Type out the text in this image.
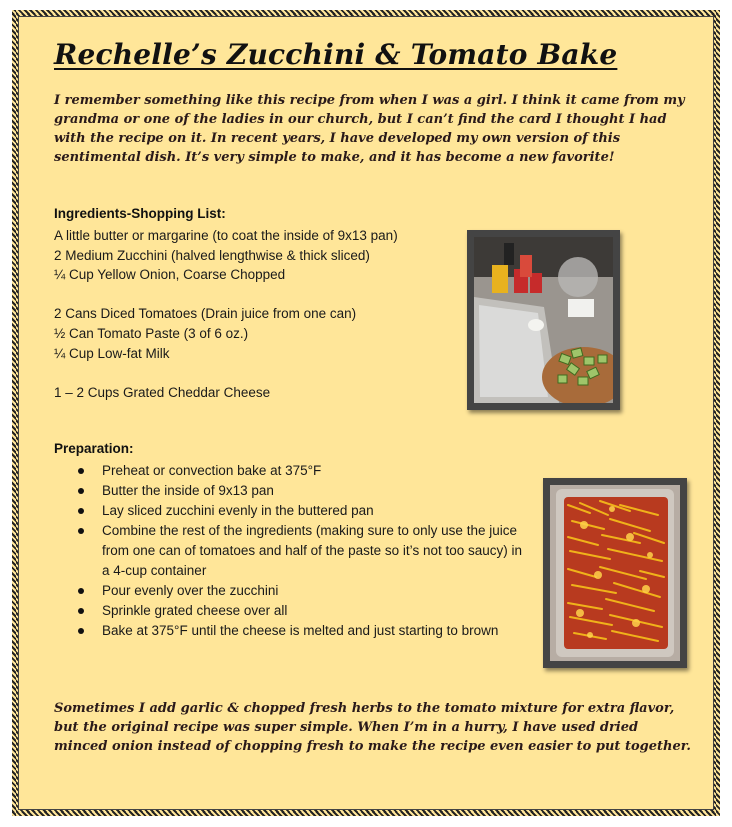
Rechelle’s Zucchini & Tomato Bake
I remember something like this recipe from when I was a girl. I think it came from my grandma or one of the ladies in our church, but I can’t find the card I thought I had with the recipe on it. In recent years, I have developed my own version of this sentimental dish. It’s very simple to make, and it has become a new favorite!
Ingredients-Shopping List:
A little butter or margarine (to coat the inside of 9x13 pan)
2 Medium Zucchini (halved lengthwise & thick sliced)
¼ Cup Yellow Onion, Coarse Chopped
2 Cans Diced Tomatoes (Drain juice from one can)
½ Can Tomato Paste (3 of 6 oz.)
¼ Cup Low-fat Milk
1 – 2 Cups Grated Cheddar Cheese
Preparation:
Preheat or convection bake at 375°F
Butter the inside of 9x13 pan
Lay sliced zucchini evenly in the buttered pan
Combine the rest of the ingredients (making sure to only use the juice from one can of tomatoes and half of the paste so it’s not too saucy) in a 4-cup container
Pour evenly over the zucchini
Sprinkle grated cheese over all
Bake at 375°F until the cheese is melted and just starting to brown
Sometimes I add garlic & chopped fresh herbs to the tomato mixture for extra flavor, but the original recipe was super simple. When I’m in a hurry, I have used dried minced onion instead of chopping fresh to make the recipe even easier to put together.
